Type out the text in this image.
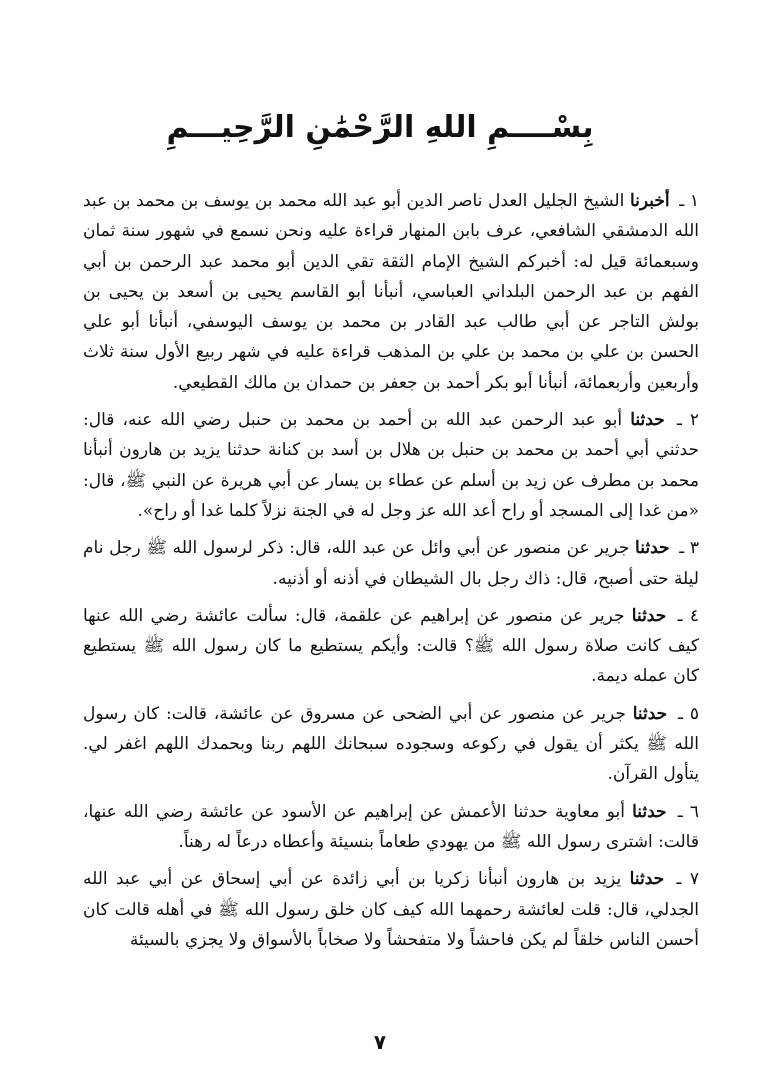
بِسْــــمِ اللهِ الرَّحْمَٰنِ الرَّحِيـــمِ

١ ـ أخبرنا الشيخ الجليل العدل ناصر الدين أبو عبد الله محمد بن يوسف بن محمد بن عبد الله الدمشقي الشافعي، عرف بابن المنهار قراءة عليه ونحن نسمع في شهور سنة ثمان وسبعمائة قيل له: أخبركم الشيخ الإمام الثقة تقي الدين أبو محمد عبد الرحمن بن أبي الفهم بن عبد الرحمن البلداني العباسي، أنبأنا أبو القاسم يحيى بن أسعد بن يحيى بن بولش التاجر عن أبي طالب عبد القادر بن محمد بن يوسف اليوسفي، أنبأنا أبو علي الحسن بن علي بن محمد بن علي بن المذهب قراءة عليه في شهر ربيع الأول سنة ثلاث وأربعين وأربعمائة، أنبأنا أبو بكر أحمد بن جعفر بن حمدان بن مالك القطيعي.

٢ ـ حدثنا أبو عبد الرحمن عبد الله بن أحمد بن محمد بن حنبل رضي الله عنه، قال: حدثني أبي أحمد بن محمد بن حنبل بن هلال بن أسد بن كنانة حدثنا يزيد بن هارون أنبأنا محمد بن مطرف عن زيد بن أسلم عن عطاء بن يسار عن أبي هريرة عن النبي ﷺ، قال: «من غدا إلى المسجد أو راح أعد الله عز وجل له في الجنة نزلاً كلما غدا أو راح».

٣ ـ حدثنا جرير عن منصور عن أبي وائل عن عبد الله، قال: ذكر لرسول الله ﷺ رجل نام ليلة حتى أصبح، قال: ذاك رجل بال الشيطان في أذنه أو أذنيه.

٤ ـ حدثنا جرير عن منصور عن إبراهيم عن علقمة، قال: سألت عائشة رضي الله عنها كيف كانت صلاة رسول الله ﷺ؟ قالت: وأيكم يستطيع ما كان رسول الله ﷺ يستطيع كان عمله ديمة.

٥ ـ حدثنا جرير عن منصور عن أبي الضحى عن مسروق عن عائشة، قالت: كان رسول الله ﷺ يكثر أن يقول في ركوعه وسجوده سبحانك اللهم ربنا وبحمدك اللهم اغفر لي. يتأول القرآن.

٦ ـ حدثنا أبو معاوية حدثنا الأعمش عن إبراهيم عن الأسود عن عائشة رضي الله عنها، قالت: اشترى رسول الله ﷺ من يهودي طعاماً بنسيئة وأعطاه درعاً له رهناً.

٧ ـ حدثنا يزيد بن هارون أنبأنا زكريا بن أبي زائدة عن أبي إسحاق عن أبي عبد الله الجدلي، قال: قلت لعائشة رحمهما الله كيف كان خلق رسول الله ﷺ في أهله قالت كان أحسن الناس خلقاً لم يكن فاحشاً ولا متفحشاً ولا صخاباً بالأسواق ولا يجزي بالسيئة

٧
